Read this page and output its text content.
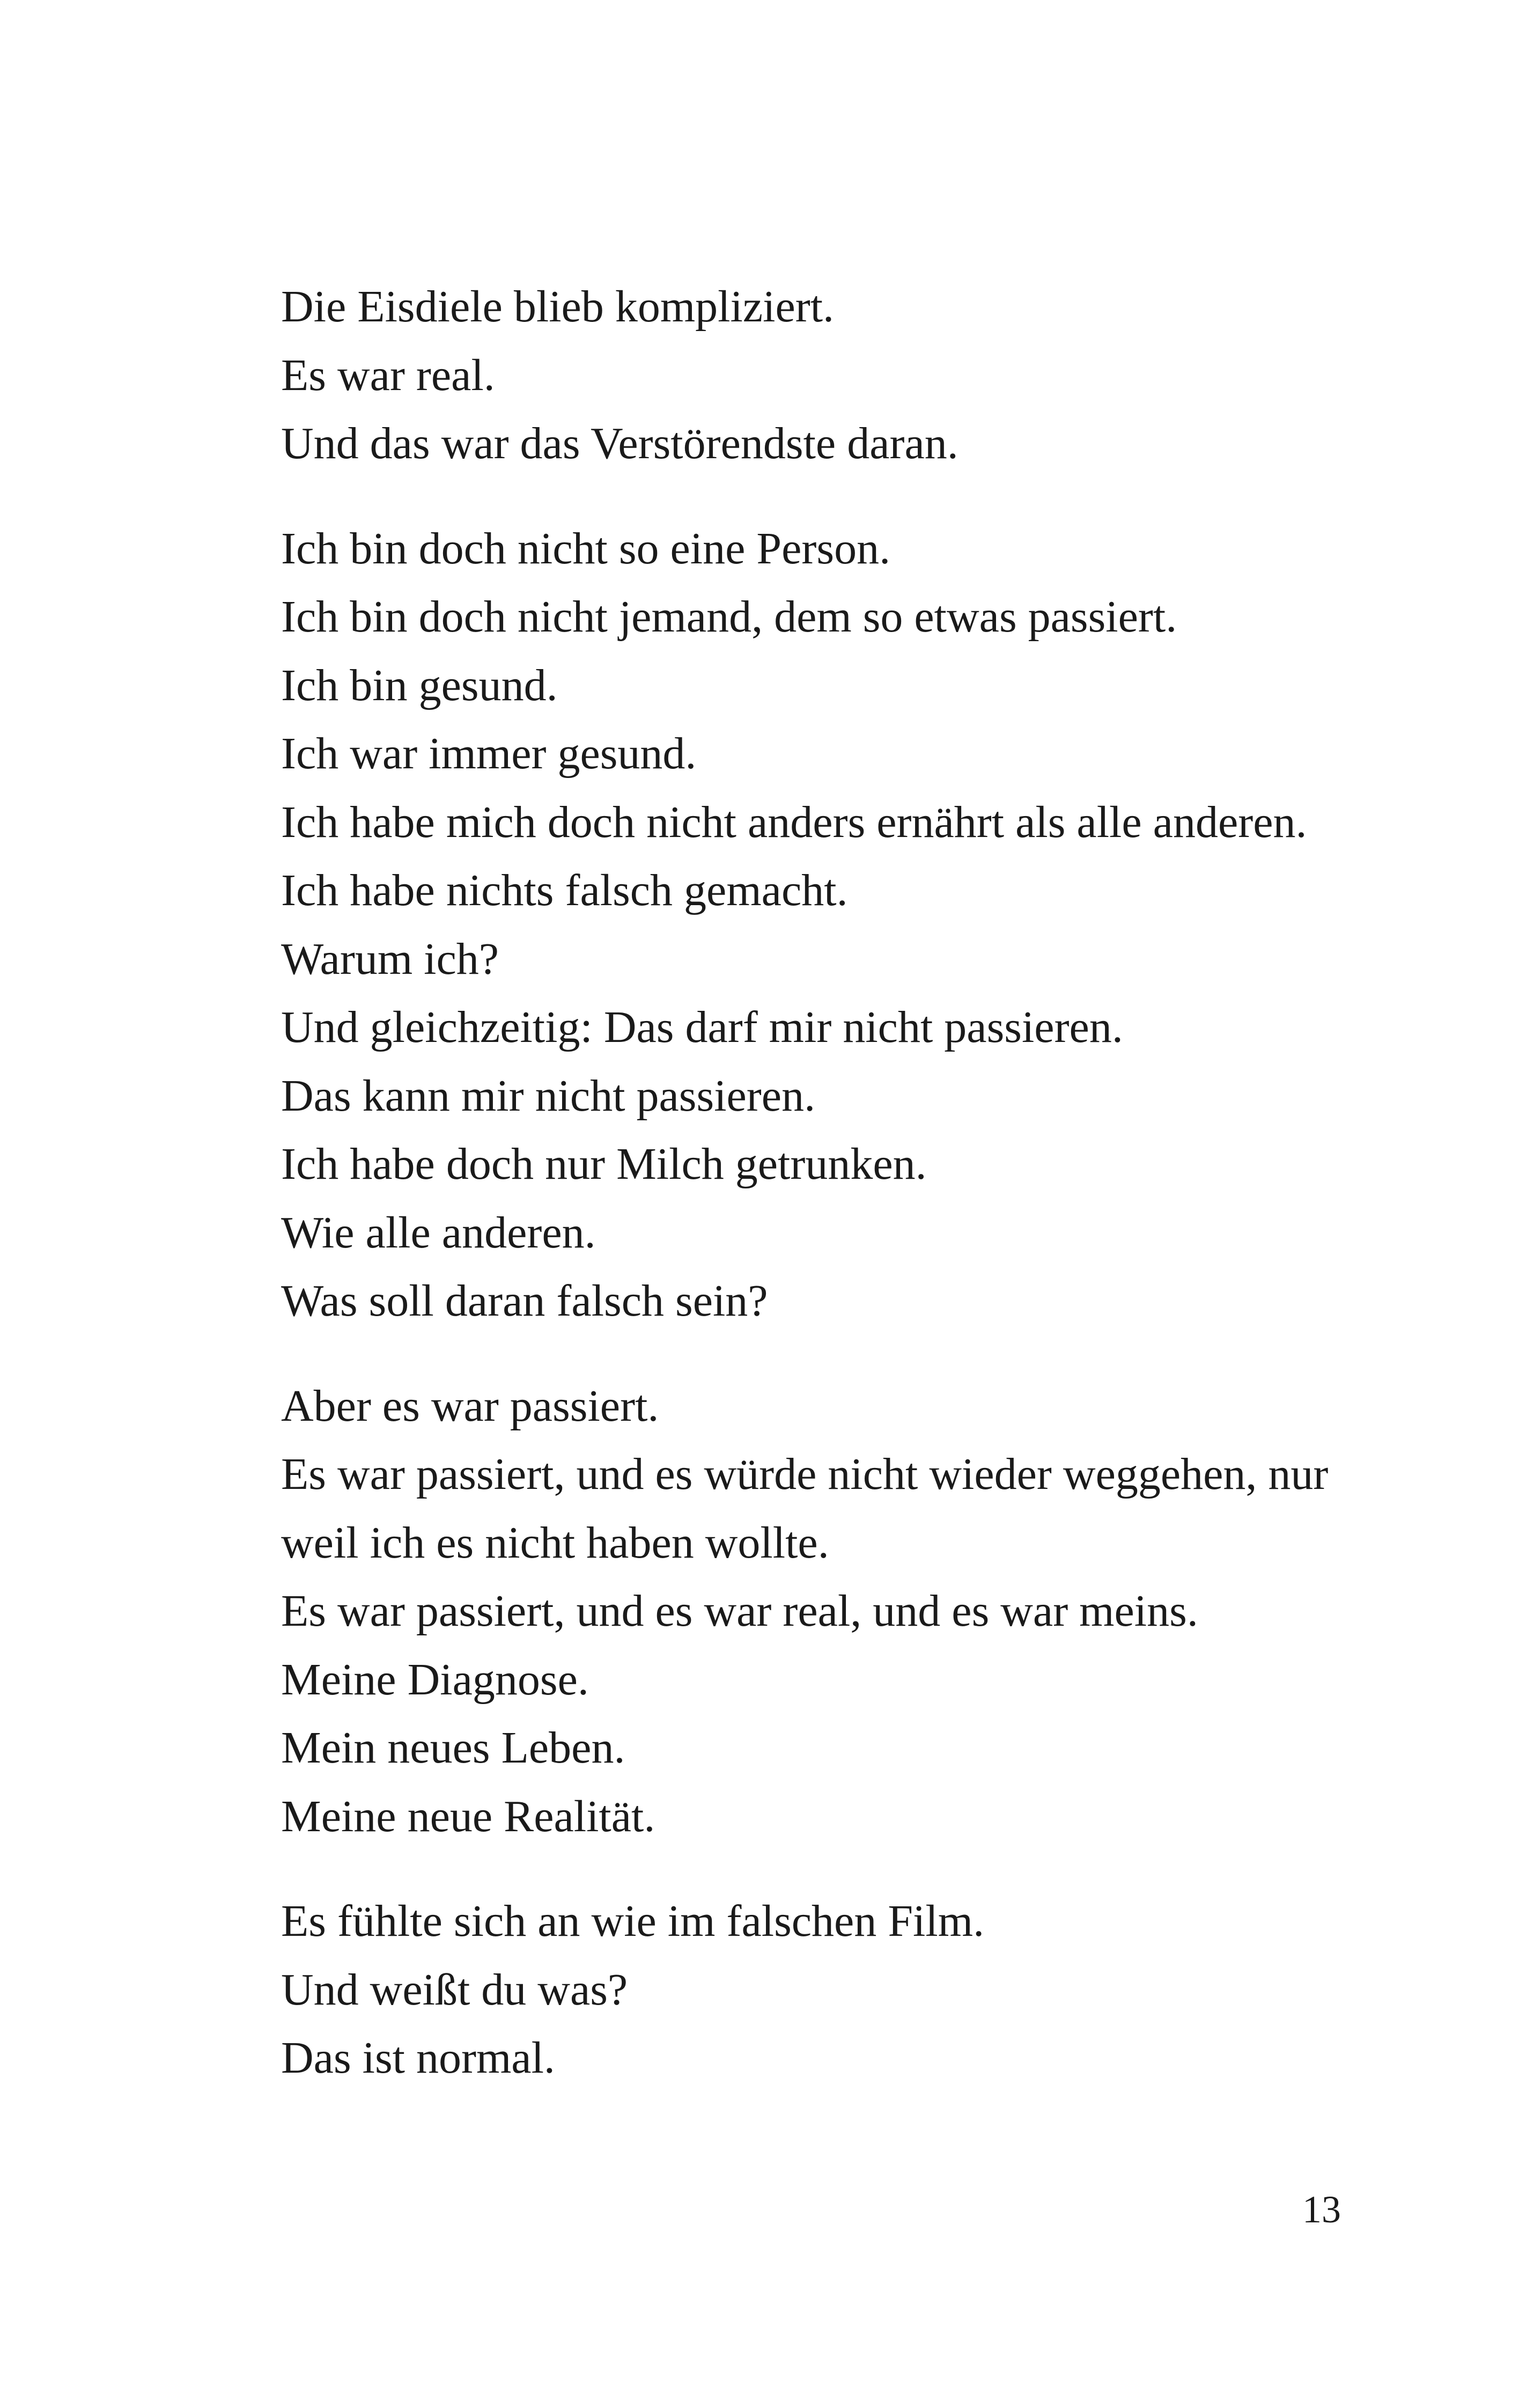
Die Eisdiele blieb kompliziert.
Es war real.
Und das war das Verstörendste daran.

Ich bin doch nicht so eine Person.
Ich bin doch nicht jemand, dem so etwas passiert.
Ich bin gesund.
Ich war immer gesund.
Ich habe mich doch nicht anders ernährt als alle anderen.
Ich habe nichts falsch gemacht.
Warum ich?
Und gleichzeitig: Das darf mir nicht passieren.
Das kann mir nicht passieren.
Ich habe doch nur Milch getrunken.
Wie alle anderen.
Was soll daran falsch sein?

Aber es war passiert.
Es war passiert, und es würde nicht wieder weggehen, nur
weil ich es nicht haben wollte.
Es war passiert, und es war real, und es war meins.
Meine Diagnose.
Mein neues Leben.
Meine neue Realität.

Es fühlte sich an wie im falschen Film.
Und weißt du was?
Das ist normal.

13
